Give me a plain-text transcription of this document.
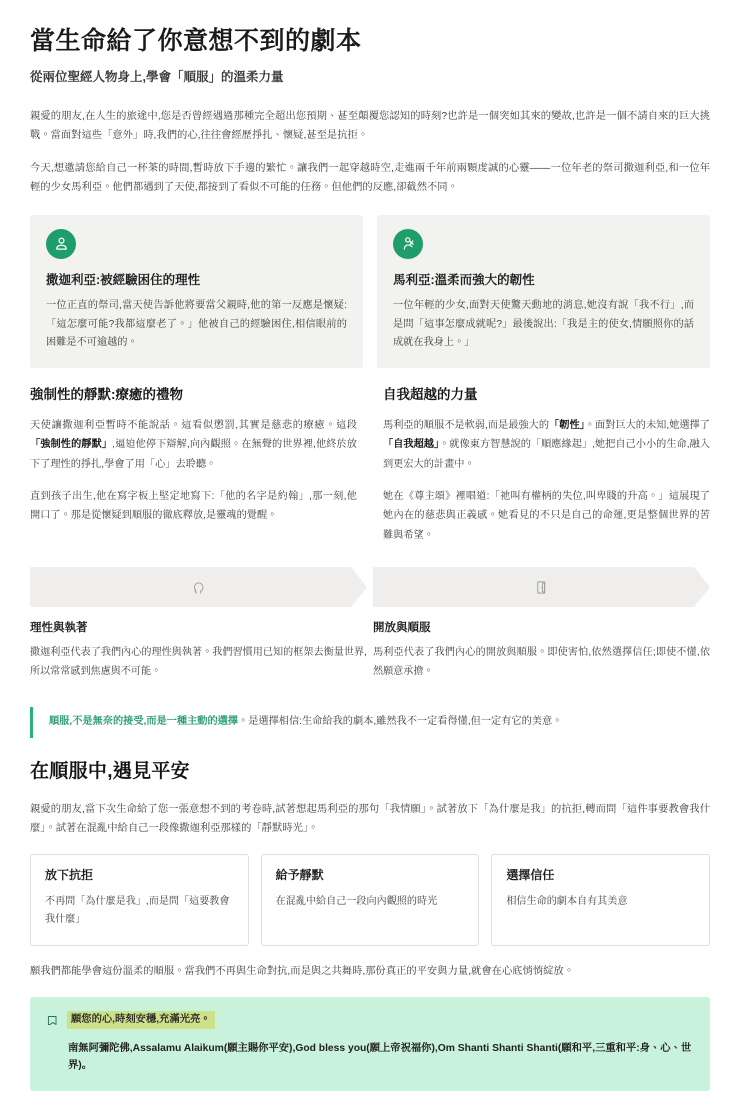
當生命給了你意想不到的劇本
從兩位聖經人物身上,學會「順服」的溫柔力量

親愛的朋友,在人生的旅途中,您是否曾經遇過那種完全超出您預期、甚至顛覆您認知的時刻?也許是一個突如其來的變故,也許是一個不請自來的巨大挑戰。當面對這些「意外」時,我們的心,往往會經歷掙扎、懷疑,甚至是抗拒。

今天,想邀請您給自己一杯茶的時間,暫時放下手邊的繁忙。讓我們一起穿越時空,走進兩千年前兩顆虔誠的心靈——一位年老的祭司撒迦利亞,和一位年輕的少女馬利亞。他們都遇到了天使,都接到了看似不可能的任務。但他們的反應,卻截然不同。

撒迦利亞:被經驗困住的理性

一位正直的祭司,當天使告訴他將要當父親時,他的第一反應是懷疑:「這怎麼可能?我都這麼老了。」他被自己的經驗困住,相信眼前的困難是不可逾越的。

馬利亞:溫柔而強大的韌性

一位年輕的少女,面對天使驚天動地的消息,她沒有說「我不行」,而是問「這事怎麼成就呢?」最後說出:「我是主的使女,情願照你的話成就在我身上。」

強制性的靜默:療癒的禮物

天使讓撒迦利亞暫時不能說話。這看似懲罰,其實是慈悲的療癒。這段「強制性的靜默」,逼迫他停下辯解,向內觀照。在無聲的世界裡,他終於放下了理性的掙扎,學會了用「心」去聆聽。

直到孩子出生,他在寫字板上堅定地寫下:「他的名字是約翰」,那一刻,他開口了。那是從懷疑到順服的徹底釋放,是靈魂的覺醒。

自我超越的力量

馬利亞的順服不是軟弱,而是最強大的「韌性」。面對巨大的未知,她選擇了「自我超越」。就像東方智慧說的「順應緣起」,她把自己小小的生命,融入到更宏大的計畫中。

她在《尊主頌》裡唱道:「祂叫有權柄的失位,叫卑賤的升高。」這展現了她內在的慈悲與正義感。她看見的不只是自己的命運,更是整個世界的苦難與希望。

理性與執著

撒迦利亞代表了我們內心的理性與執著。我們習慣用已知的框架去衡量世界,所以常常感到焦慮與不可能。

開放與順服

馬利亞代表了我們內心的開放與順服。即使害怕,依然選擇信任;即使不懂,依然願意承擔。

順服,不是無奈的接受,而是一種主動的選擇。是選擇相信:生命給我的劇本,雖然我不一定看得懂,但一定有它的美意。

在順服中,遇見平安

親愛的朋友,當下次生命給了您一張意想不到的考卷時,試著想起馬利亞的那句「我情願」。試著放下「為什麼是我」的抗拒,轉而問「這件事要教會我什麼」。試著在混亂中給自己一段像撒迦利亞那樣的「靜默時光」。

放下抗拒

不再問「為什麼是我」,而是問「這要教會我什麼」

給予靜默

在混亂中給自己一段向內觀照的時光

選擇信任

相信生命的劇本自有其美意

願我們都能學會這份溫柔的順服。當我們不再與生命對抗,而是與之共舞時,那份真正的平安與力量,就會在心底悄悄綻放。

願您的心,時刻安穩,充滿光亮。

南無阿彌陀佛,Assalamu Alaikum(願主賜你平安),God bless you(願上帝祝福你),Om Shanti Shanti Shanti(願和平,三重和平:身、心、世界)。
